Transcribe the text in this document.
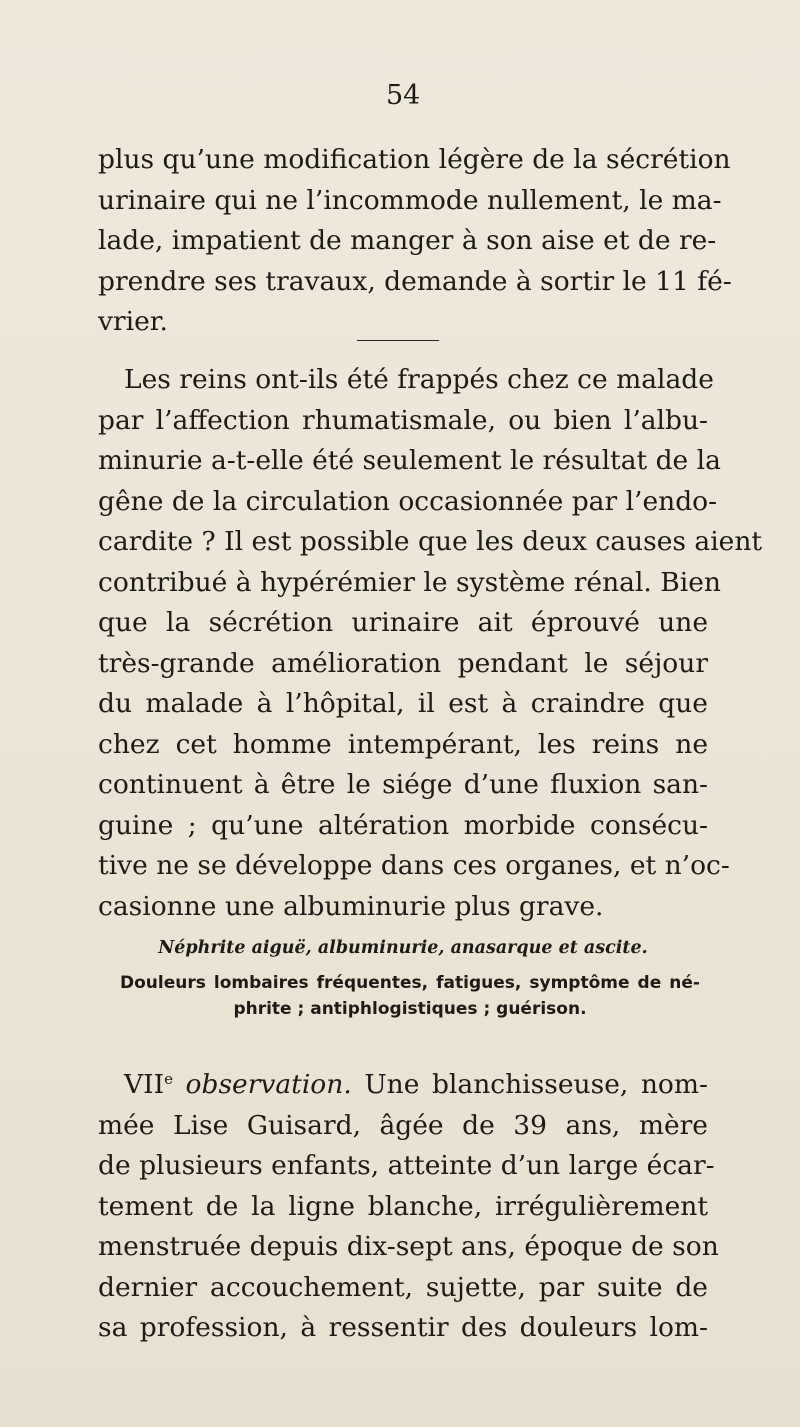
54
plus qu’une modification légère de la sécrétion
urinaire qui ne l’incommode nullement, le ma-
lade, impatient de manger à son aise et de re-
prendre ses travaux, demande à sortir le 11 fé-
vrier.
Les reins ont-ils été frappés chez ce malade
par l’affection rhumatismale, ou bien l’albu-
minurie a-t-elle été seulement le résultat de la
gêne de la circulation occasionnée par l’endo-
cardite ? Il est possible que les deux causes aient
contribué à hypérémier le système rénal. Bien
que la sécrétion urinaire ait éprouvé une
très-grande amélioration pendant le séjour
du malade à l’hôpital, il est à craindre que
chez cet homme intempérant, les reins ne
continuent à être le siége d’une fluxion san-
guine ; qu’une altération morbide consécu-
tive ne se développe dans ces organes, et n’oc-
casionne une albuminurie plus grave.
Néphrite aiguë, albuminurie, anasarque et ascite.
Douleurs lombaires fréquentes, fatigues, symptôme de né-
phrite ; antiphlogistiques ; guérison.
VIIe observation. Une blanchisseuse, nom-
mée Lise Guisard, âgée de 39 ans, mère
de plusieurs enfants, atteinte d’un large écar-
tement de la ligne blanche, irrégulièrement
menstruée depuis dix-sept ans, époque de son
dernier accouchement, sujette, par suite de
sa profession, à ressentir des douleurs lom-
